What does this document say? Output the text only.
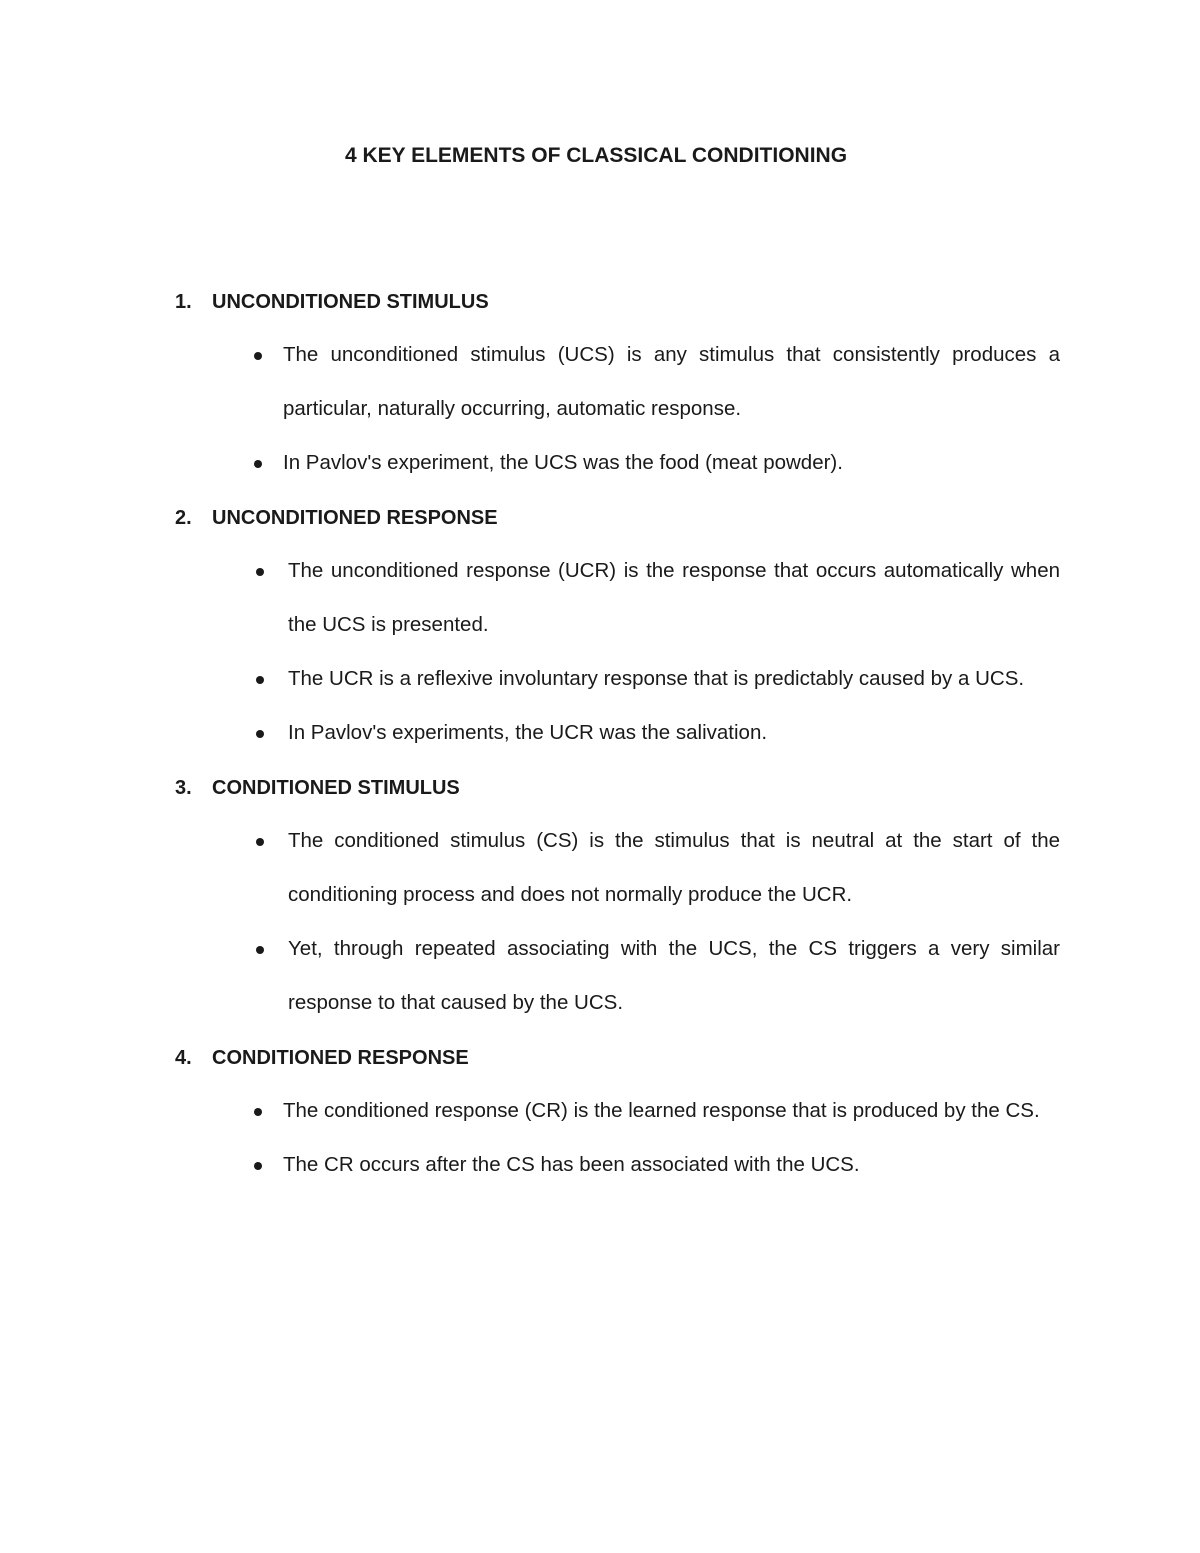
4 KEY ELEMENTS OF CLASSICAL CONDITIONING
1.	UNCONDITIONED STIMULUS
The unconditioned stimulus (UCS) is any stimulus that consistently produces a particular, naturally occurring, automatic response.
In Pavlov's experiment, the UCS was the food (meat powder).
2.	UNCONDITIONED RESPONSE
The unconditioned response (UCR) is the response that occurs automatically when the UCS is presented.
The UCR is a reflexive involuntary response that is predictably caused by a UCS.
In Pavlov's experiments, the UCR was the salivation.
3.	CONDITIONED STIMULUS
The conditioned stimulus (CS) is the stimulus that is neutral at the start of the conditioning process and does not normally produce the UCR.
Yet, through repeated associating with the UCS, the CS triggers a very similar response to that caused by the UCS.
4.	CONDITIONED RESPONSE
The conditioned response (CR) is the learned response that is produced by the CS.
The CR occurs after the CS has been associated with the UCS.
